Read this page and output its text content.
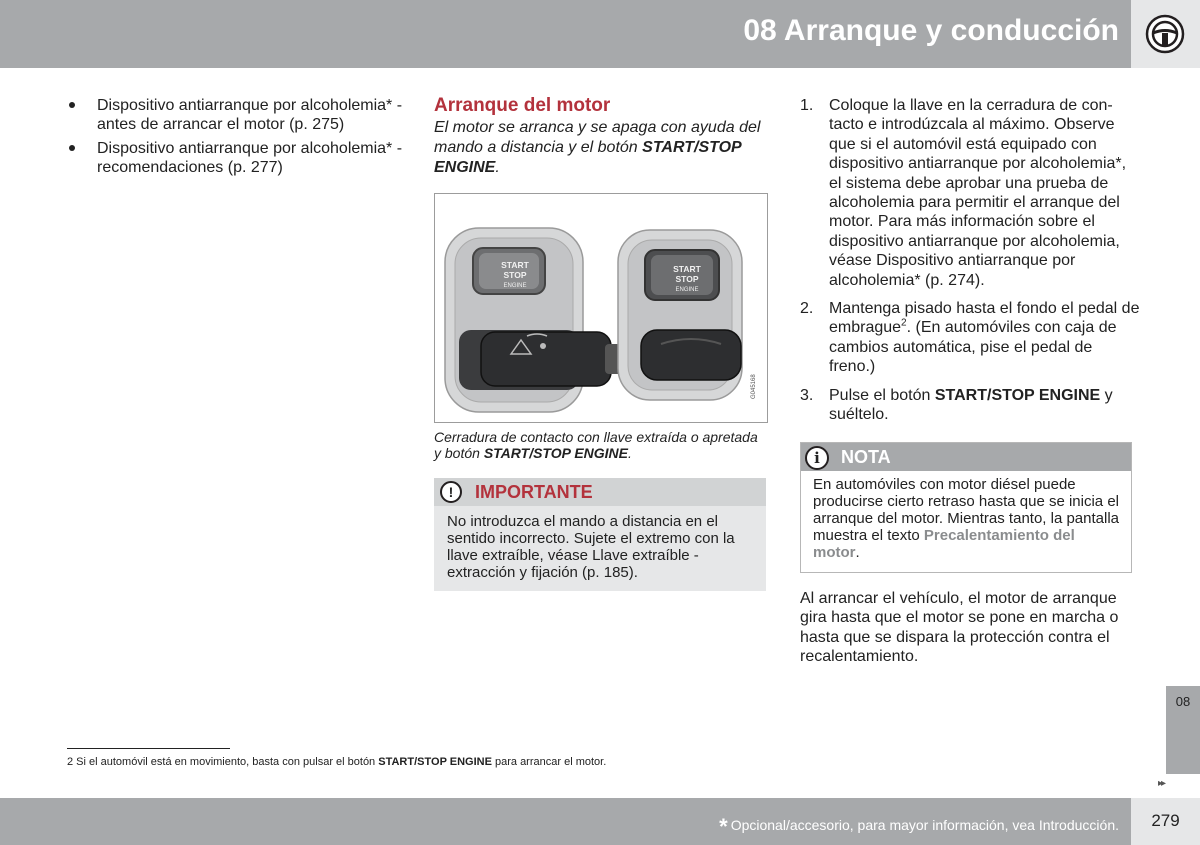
08 Arranque y conducción
Dispositivo antiarranque por alcoholemia* - antes de arrancar el motor (p. 275)
Dispositivo antiarranque por alcoholemia* - recomendaciones (p. 277)
Arranque del motor
El motor se arranca y se apaga con ayuda del mando a distancia y el botón START/STOP ENGINE.
START
STOP
ENGINE
START
STOP
ENGINE
G045168
Cerradura de contacto con llave extraída o apretada y botón START/STOP ENGINE.
!	IMPORTANTE
No introduzca el mando a distancia en el sentido incorrecto. Sujete el extremo con la llave extraíble, véase Llave extraíble - extracción y fijación (p. 185).
1. Coloque la llave en la cerradura de contacto e introdúzcala al máximo. Observe que si el automóvil está equipado con dispositivo antiarranque por alcoholemia*, el sistema debe aprobar una prueba de alcoholemia para permitir el arranque del motor. Para más información sobre el dispositivo antiarranque por alcoholemia, véase Dispositivo antiarranque por alcoholemia* (p. 274).
2. Mantenga pisado hasta el fondo el pedal de embrague$^2$. (En automóviles con caja de cambios automática, pise el pedal de freno.)
3. Pulse el botón START/STOP ENGINE y suéltelo.
i	NOTA
En automóviles con motor diésel puede producirse cierto retraso hasta que se inicia el arranque del motor. Mientras tanto, la pantalla muestra el texto Precalentamiento del motor.
Al arrancar el vehículo, el motor de arranque gira hasta que el motor se pone en marcha o hasta que se dispara la protección contra el recalentamiento.
08
▸▸
2 Si el automóvil está en movimiento, basta con pulsar el botón START/STOP ENGINE para arrancar el motor.
* Opcional/accesorio, para mayor información, vea Introducción.	279
